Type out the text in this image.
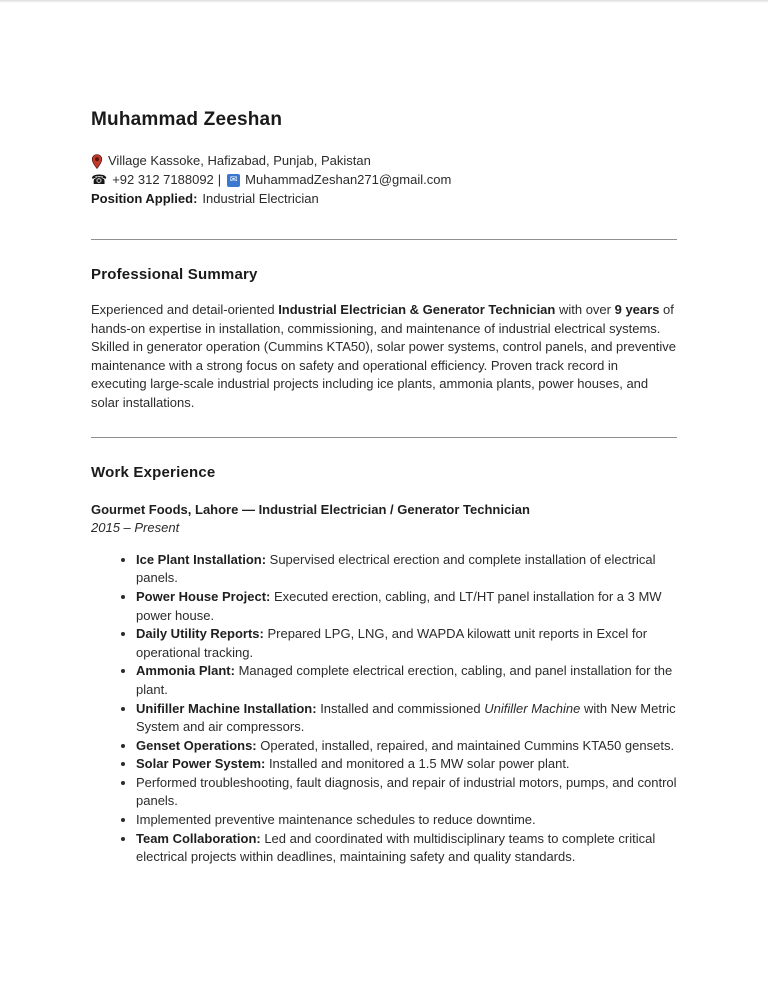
Muhammad Zeeshan
Village Kassoke, Hafizabad, Punjab, Pakistan
☎ +92 312 7188092 | ✉ MuhammadZeshan271@gmail.com
Position Applied: Industrial Electrician
Professional Summary

Experienced and detail-oriented Industrial Electrician & Generator Technician with over 9 years of hands-on expertise in installation, commissioning, and maintenance of industrial electrical systems. Skilled in generator operation (Cummins KTA50), solar power systems, control panels, and preventive maintenance with a strong focus on safety and operational efficiency. Proven track record in executing large-scale industrial projects including ice plants, ammonia plants, power houses, and solar installations.

Work Experience

Gourmet Foods, Lahore — Industrial Electrician / Generator Technician

2015 – Present

• Ice Plant Installation: Supervised electrical erection and complete installation of electrical panels.
• Power House Project: Executed erection, cabling, and LT/HT panel installation for a 3 MW power house.
• Daily Utility Reports: Prepared LPG, LNG, and WAPDA kilowatt unit reports in Excel for operational tracking.
• Ammonia Plant: Managed complete electrical erection, cabling, and panel installation for the plant.
• Unifiller Machine Installation: Installed and commissioned Unifiller Machine with New Metric System and air compressors.
• Genset Operations: Operated, installed, repaired, and maintained Cummins KTA50 gensets.
• Solar Power System: Installed and monitored a 1.5 MW solar power plant.
• Performed troubleshooting, fault diagnosis, and repair of industrial motors, pumps, and control panels.
• Implemented preventive maintenance schedules to reduce downtime.
• Team Collaboration: Led and coordinated with multidisciplinary teams to complete critical electrical projects within deadlines, maintaining safety and quality standards.
